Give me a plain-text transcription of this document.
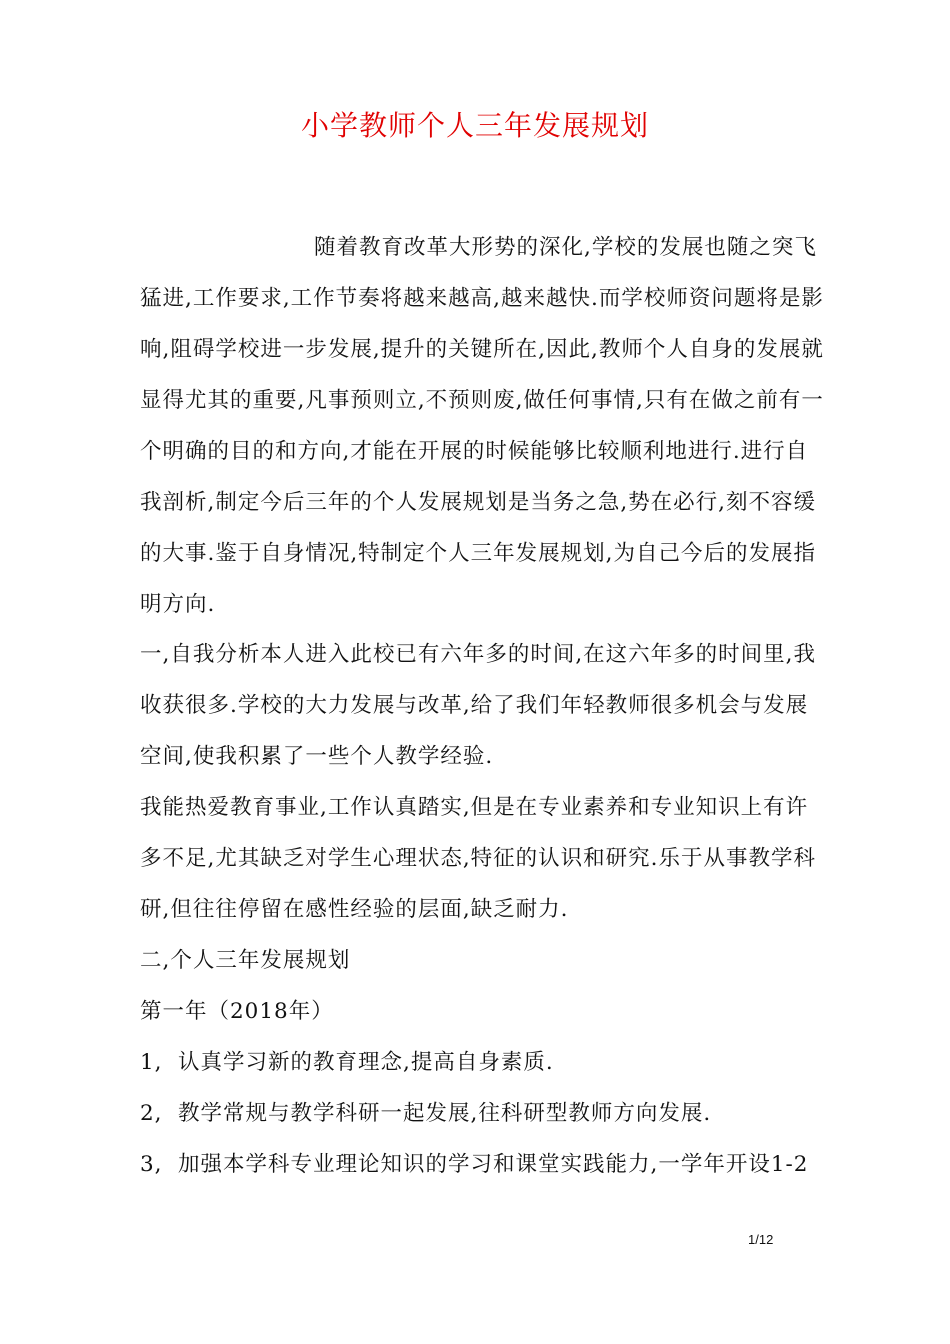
小学教师个人三年发展规划

随着教育改革大形势的深化,学校的发展也随之突飞猛进,工作要求,工作节奏将越来越高,越来越快.而学校师资问题将是影响,阻碍学校进一步发展,提升的关键所在,因此,教师个人自身的发展就显得尤其的重要,凡事预则立,不预则废,做任何事情,只有在做之前有一个明确的目的和方向,才能在开展的时候能够比较顺利地进行.进行自我剖析,制定今后三年的个人发展规划是当务之急,势在必行,刻不容缓的大事.鉴于自身情况,特制定个人三年发展规划,为自己今后的发展指明方向.

一,自我分析本人进入此校已有六年多的时间,在这六年多的时间里,我收获很多.学校的大力发展与改革,给了我们年轻教师很多机会与发展空间,使我积累了一些个人教学经验.

我能热爱教育事业,工作认真踏实,但是在专业素养和专业知识上有许多不足,尤其缺乏对学生心理状态,特征的认识和研究.乐于从事教学科研,但往往停留在感性经验的层面,缺乏耐力.

二,个人三年发展规划
第一年（2018年）
1, 认真学习新的教育理念,提高自身素质.
2, 教学常规与教学科研一起发展,往科研型教师方向发展.
3, 加强本学科专业理论知识的学习和课堂实践能力,一学年开设1-2
1/12
